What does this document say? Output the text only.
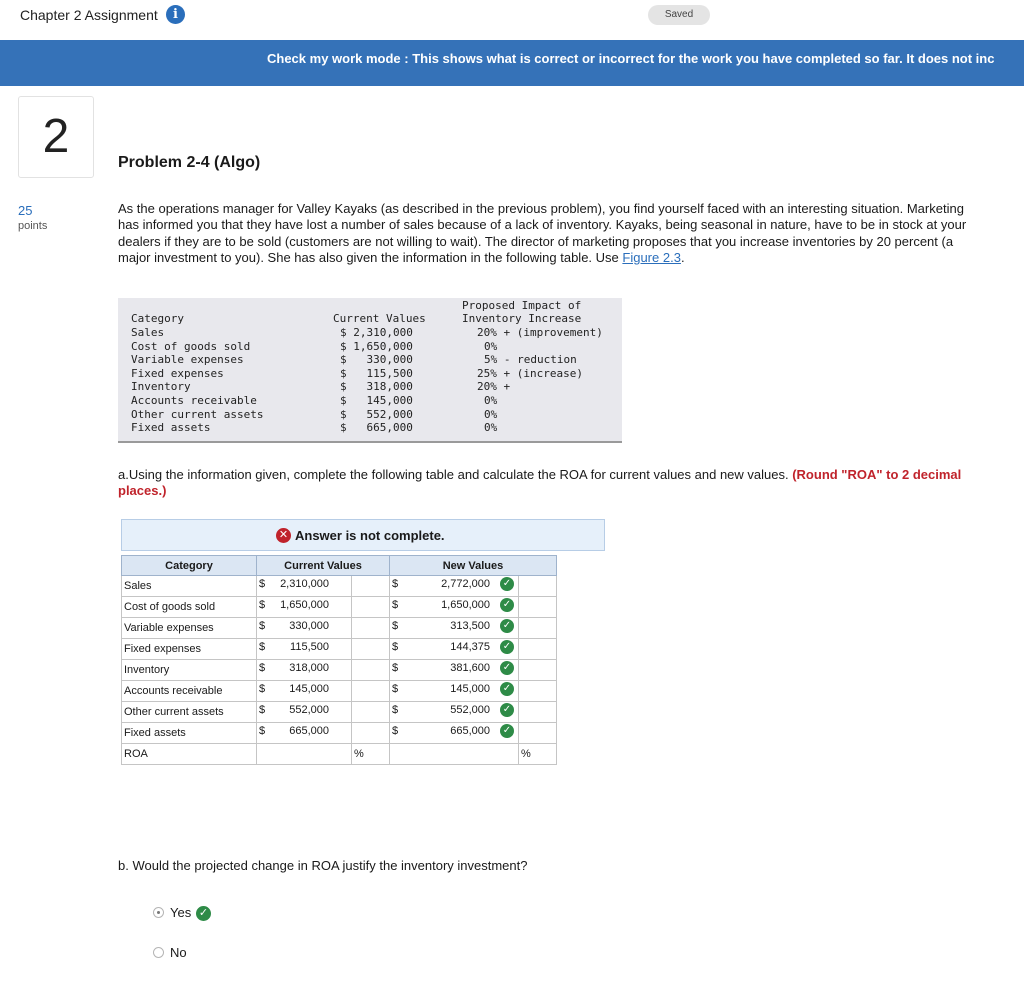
Chapter 2 Assignment	i	Saved
Check my work mode : This shows what is correct or incorrect for the work you have completed so far. It does not inc
2
25
points
Problem 2-4 (Algo)
As the operations manager for Valley Kayaks (as described in the previous problem), you find yourself faced with an interesting situation. Marketing has informed you that they have lost a number of sales because of a lack of inventory. Kayaks, being seasonal in nature, have to be in stock at your dealers if they are to be sold (customers are not willing to wait). The director of marketing proposes that you increase inventories by 20 percent (a major investment to you). She has also given the information in the following table. Use Figure 2.3.
Proposed Impact of
Inventory Increase
Category	Current Values
Sales	$ 2,310,000	20% + (improvement)
Cost of goods sold	$ 1,650,000	0%
Variable expenses	$   330,000	5% - reduction
Fixed expenses	$   115,500	25% + (increase)
Inventory	$   318,000	20% +
Accounts receivable	$   145,000	0%
Other current assets	$   552,000	0%
Fixed assets	$   665,000	0%
a.Using the information given, complete the following table and calculate the ROA for current values and new values. (Round "ROA" to 2 decimal places.)
✕ Answer is not complete.
Category	Current Values		New Values	
Sales	$ 2,310,000		$ 2,772,000 ✓	

Cost of goods sold	$ 1,650,000		$ 1,650,000 ✓	

Variable expenses	$ 330,000		$ 313,500 ✓	

Fixed expenses	$ 115,500		$ 144,375 ✓	

Inventory	$ 318,000		$ 381,600 ✓	

Accounts receivable	$ 145,000		$ 145,000 ✓	

Other current assets	$ 552,000		$ 552,000 ✓	

Fixed assets	$ 665,000		$ 665,000 ✓	

ROA		%		%
b. Would the projected change in ROA justify the inventory investment?
Yes ✓
No
